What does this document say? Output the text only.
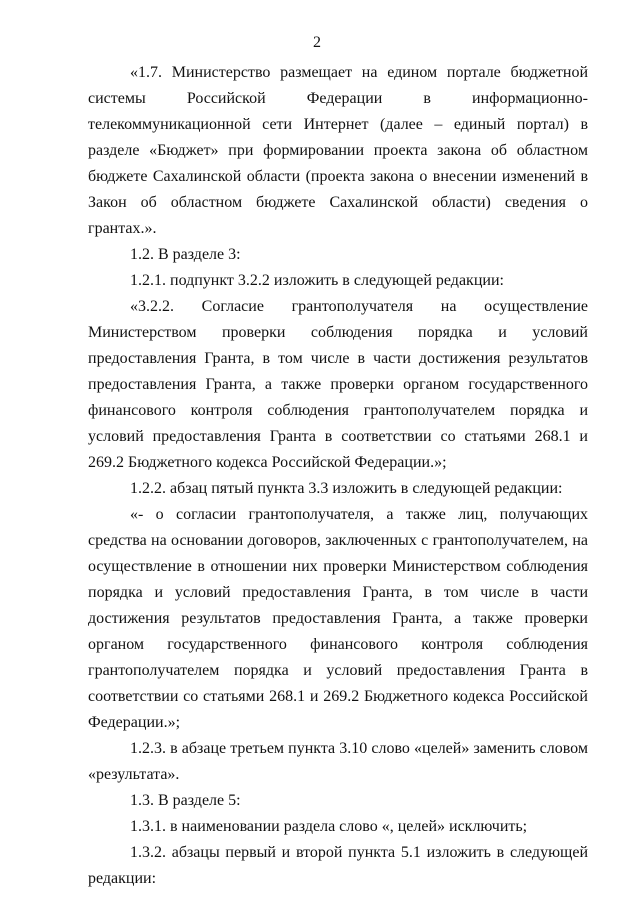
2

«1.7. Министерство размещает на едином портале бюджетной системы Российской Федерации в информационно-телекоммуникационной сети Интернет (далее – единый портал) в разделе «Бюджет» при формировании проекта закона об областном бюджете Сахалинской области (проекта закона о внесении изменений в Закон об областном бюджете Сахалинской области) сведения о грантах.».

1.2. В разделе 3:

1.2.1. подпункт 3.2.2 изложить в следующей редакции:

«3.2.2. Согласие грантополучателя на осуществление Министерством проверки соблюдения порядка и условий предоставления Гранта, в том числе в части достижения результатов предоставления Гранта, а также проверки органом государственного финансового контроля соблюдения грантополучателем порядка и условий предоставления Гранта в соответствии со статьями 268.1 и 269.2 Бюджетного кодекса Российской Федерации.»;

1.2.2. абзац пятый пункта 3.3 изложить в следующей редакции:

«- о согласии грантополучателя, а также лиц, получающих средства на основании договоров, заключенных с грантополучателем, на осуществление в отношении них проверки Министерством соблюдения порядка и условий предоставления Гранта, в том числе в части достижения результатов предоставления Гранта, а также проверки органом государственного финансового контроля соблюдения грантополучателем порядка и условий предоставления Гранта в соответствии со статьями 268.1 и 269.2 Бюджетного кодекса Российской Федерации.»;

1.2.3. в абзаце третьем пункта 3.10 слово «целей» заменить словом «результата».

1.3. В разделе 5:

1.3.1. в наименовании раздела слово «, целей» исключить;

1.3.2. абзацы первый и второй пункта 5.1 изложить в следующей редакции:
